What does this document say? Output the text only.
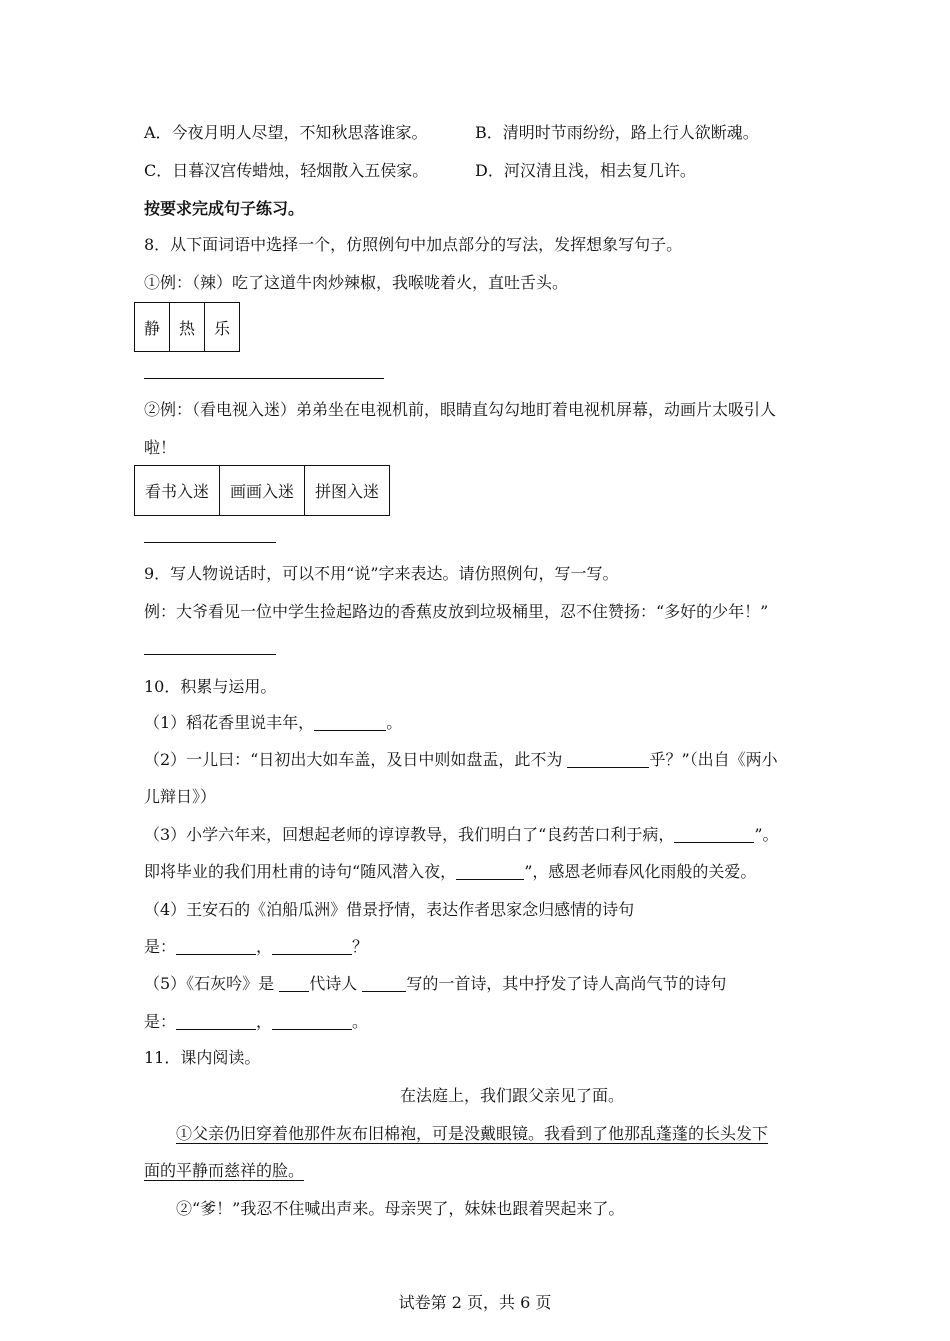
A．今夜月明人尽望，不知秋思落谁家。	B．清明时节雨纷纷，路上行人欲断魂。
C．日暮汉宫传蜡烛，轻烟散入五侯家。	D．河汉清且浅，相去复几许。
按要求完成句子练习。
8．从下面词语中选择一个，仿照例句中加点部分的写法，发挥想象写句子。
①例：（辣）吃了这道牛肉炒辣椒，我喉咙着火，直吐舌头。
静	热	乐
②例：（看电视入迷）弟弟坐在电视机前，眼睛直勾勾地盯着电视机屏幕，动画片太吸引人
啦！
看书入迷	画画入迷	拼图入迷
9．写人物说话时，可以不用“说”字来表达。请仿照例句，写一写。
例：大爷看见一位中学生捡起路边的香蕉皮放到垃圾桶里，忍不住赞扬：“多好的少年！”
10．积累与运用。
（1）稻花香里说丰年，	。
（2）一儿曰：“日初出大如车盖，及日中则如盘盂，此不为	乎？”（出自《两小
儿辩日》）
（3）小学六年来，回想起老师的谆谆教导，我们明白了“良药苦口利于病，	”。
即将毕业的我们用杜甫的诗句“随风潜入夜，	”，感恩老师春风化雨般的关爱。
（4）王安石的《泊船瓜洲》借景抒情，表达作者思家念归感情的诗句
是：	，	？
（5）《石灰吟》是 代诗人	写的一首诗，其中抒发了诗人高尚气节的诗句
是：	，	。
11．课内阅读。
在法庭上，我们跟父亲见了面。
①父亲仍旧穿着他那件灰布旧棉袍，可是没戴眼镜。我看到了他那乱蓬蓬的长头发下
面的平静而慈祥的脸。
②“爹！”我忍不住喊出声来。母亲哭了，妹妹也跟着哭起来了。
试卷第 2 页，共 6 页
